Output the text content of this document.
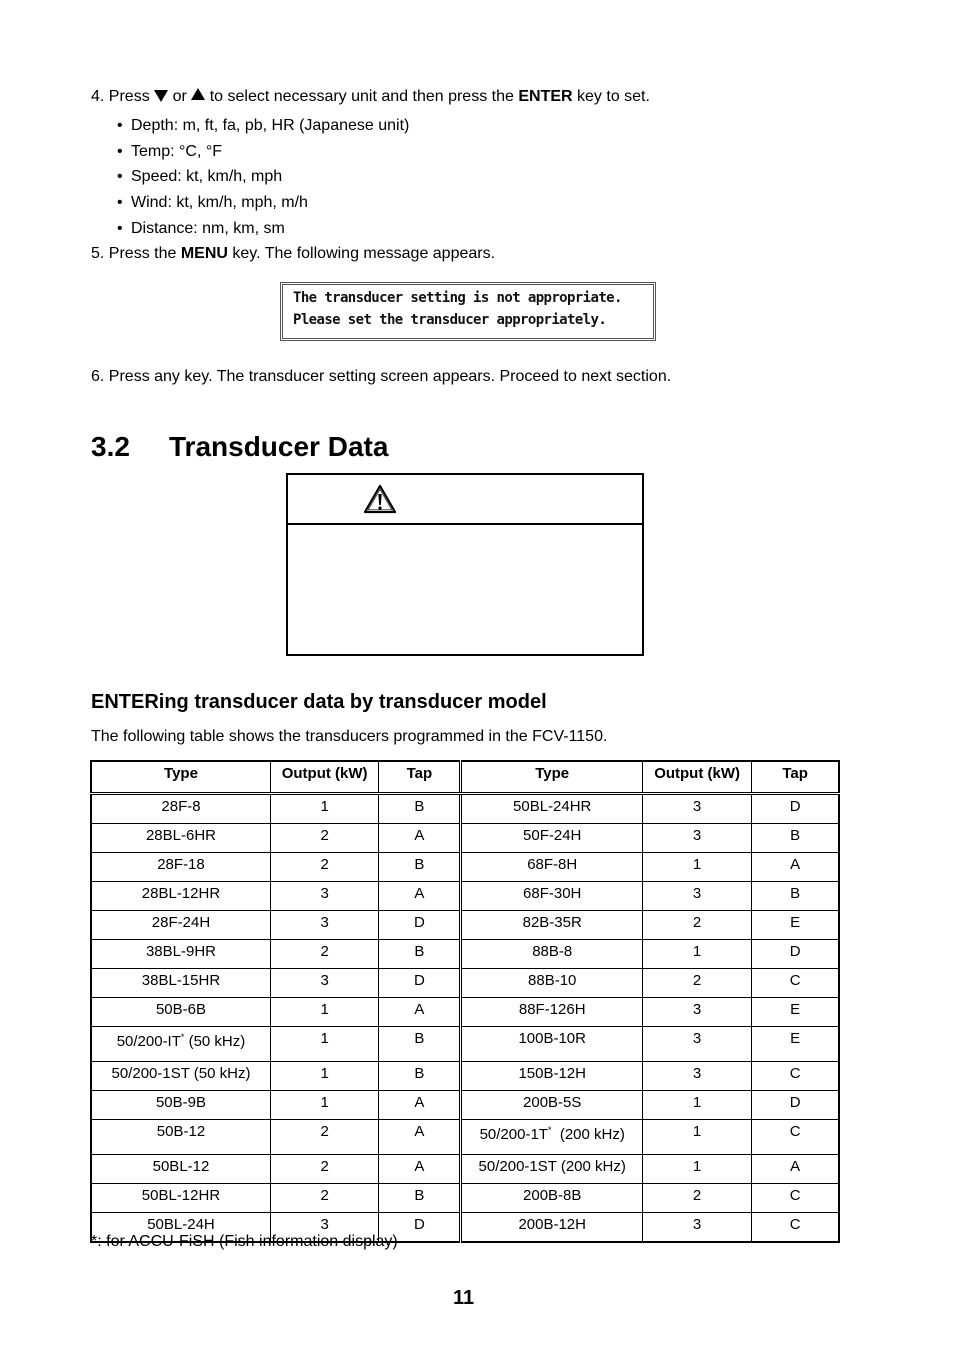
4. Press  or  to select necessary unit and then press the ENTER key to set.
• Depth: m, ft, fa, pb, HR (Japanese unit)
• Temp: °C, °F
• Speed: kt, km/h, mph
• Wind: kt, km/h, mph, m/h
• Distance: nm, km, sm
5. Press the MENU key. The following message appears.
The transducer setting is not appropriate.
Please set the transducer appropriately.
6. Press any key. The transducer setting screen appears. Proceed to next section.
3.2 Transducer Data
ENTERing transducer data by transducer model
The following table shows the transducers programmed in the FCV-1150.
Type	Output (kW)	Tap	Type	Output (kW)	Tap
28F-8	1	B	50BL-24HR	3	D
28BL-6HR	2	A	50F-24H	3	B
28F-18	2	B	68F-8H	1	A
28BL-12HR	3	A	68F-30H	3	B
28F-24H	3	D	82B-35R	2	E
38BL-9HR	2	B	88B-8	1	D
38BL-15HR	3	D	88B-10	2	C
50B-6B	1	A	88F-126H	3	E
50/200-IT* (50 kHz)	1	B	100B-10R	3	E
50/200-1ST (50 kHz)	1	B	150B-12H	3	C
50B-9B	1	A	200B-5S	1	D
50B-12	2	A	50/200-1T*  (200 kHz)	1	C
50BL-12	2	A	50/200-1ST (200 kHz)	1	A
50BL-12HR	2	B	200B-8B	2	C
50BL-24H	3	D	200B-12H	3	C
*: for ACCU-FiSH (Fish information display)
11
